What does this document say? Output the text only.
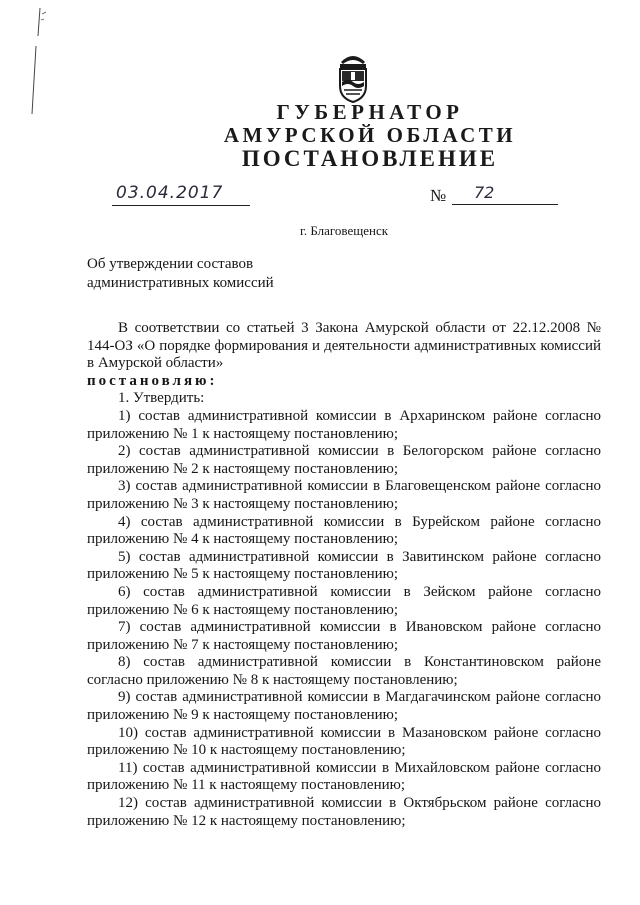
ГУБЕРНАТОР
АМУРСКОЙ ОБЛАСТИ
ПОСТАНОВЛЕНИЕ
03.04.2017	№	72
г. Благовещенск
Об утверждении составов
административных комиссий

В соответствии со статьей 3 Закона Амурской области от 22.12.2008 № 144-ОЗ «О порядке формирования и деятельности административных комиссий в Амурской области»

постановляю:

1. Утвердить:

1) состав административной комиссии в Архаринском районе согласно приложению № 1 к настоящему постановлению;

2) состав административной комиссии в Белогорском районе согласно приложению № 2 к настоящему постановлению;

3) состав административной комиссии в Благовещенском районе согласно приложению № 3 к настоящему постановлению;

4) состав административной комиссии в Бурейском районе согласно приложению № 4 к настоящему постановлению;

5) состав административной комиссии в Завитинском районе согласно приложению № 5 к настоящему постановлению;

6) состав административной комиссии в Зейском районе согласно приложению № 6 к настоящему постановлению;

7) состав административной комиссии в Ивановском районе согласно приложению № 7 к настоящему постановлению;

8) состав административной комиссии в Константиновском районе согласно приложению № 8 к настоящему постановлению;

9) состав административной комиссии в Магдагачинском районе согласно приложению № 9 к настоящему постановлению;

10) состав административной комиссии в Мазановском районе согласно приложению № 10 к настоящему постановлению;

11) состав административной комиссии в Михайловском районе согласно приложению № 11 к настоящему постановлению;

12) состав административной комиссии в Октябрьском районе согласно приложению № 12 к настоящему постановлению;
